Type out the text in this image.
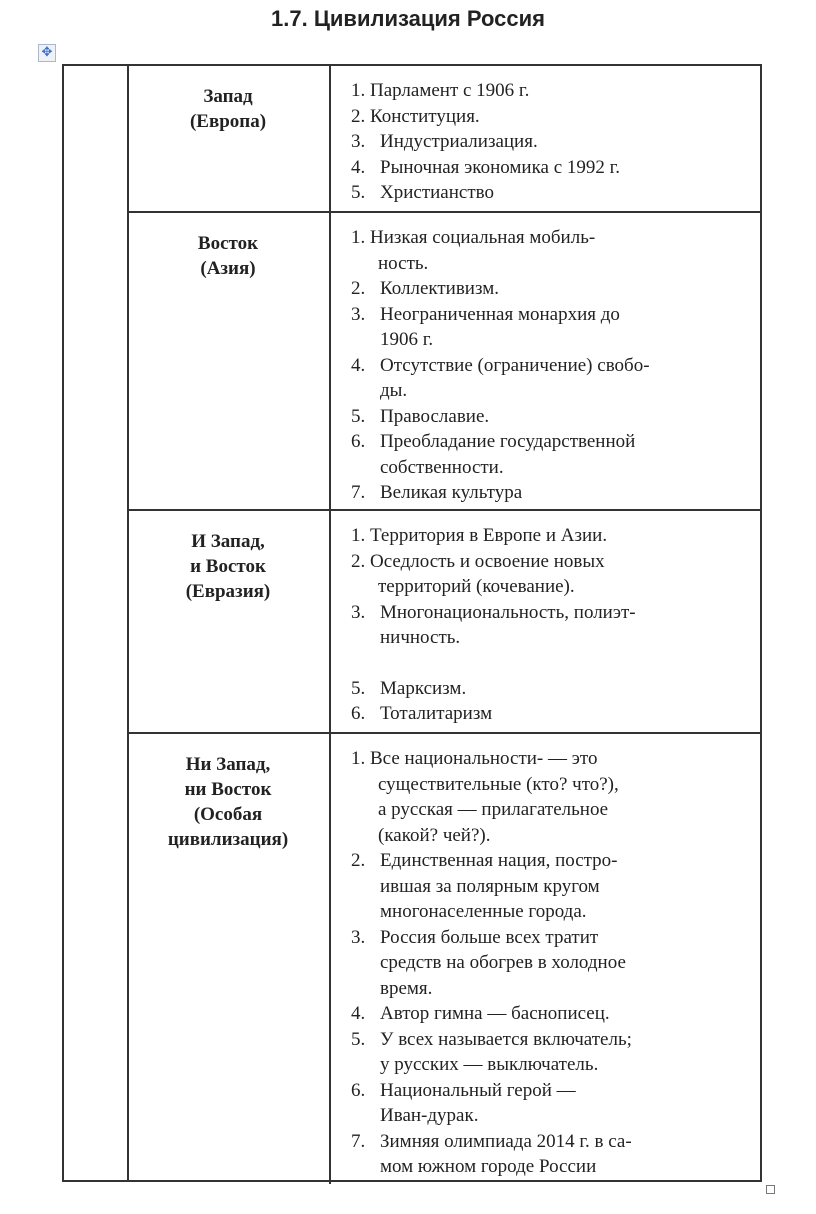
1.7. Цивилизация Россия
✥
Запад
(Европа)
1. Парламент с 1906 г.
2. Конституция.
3. Индустриализация.
4. Рыночная экономика с 1992 г.
5. Христианство
Восток
(Азия)
1. Низкая социальная мобиль-
ность.
2. Коллективизм.
3. Неограниченная монархия до
1906 г.
4. Отсутствие (ограничение) свобо-
ды.
5. Православие.
6. Преобладание государственной
собственности.
7. Великая культура
И Запад,
и Восток
(Евразия)
1. Территория в Европе и Азии.
2. Оседлость и освоение новых
территорий (кочевание).
3. Многонациональность, полиэт-
ничность.
5. Марксизм.
6. Тоталитаризм
Ни Запад,
ни Восток
(Особая
цивилизация)
1. Все национальности- — это
существительные (кто? что?),
а русская — прилагательное
(какой? чей?).
2. Единственная нация, постро-
ившая за полярным кругом
многонаселенные города.
3. Россия больше всех тратит
средств на обогрев в холодное
время.
4. Автор гимна — баснописец.
5. У всех называется включатель;
у русских — выключатель.
6. Национальный герой —
Иван-дурак.
7. Зимняя олимпиада 2014 г. в са-
мом южном городе России
